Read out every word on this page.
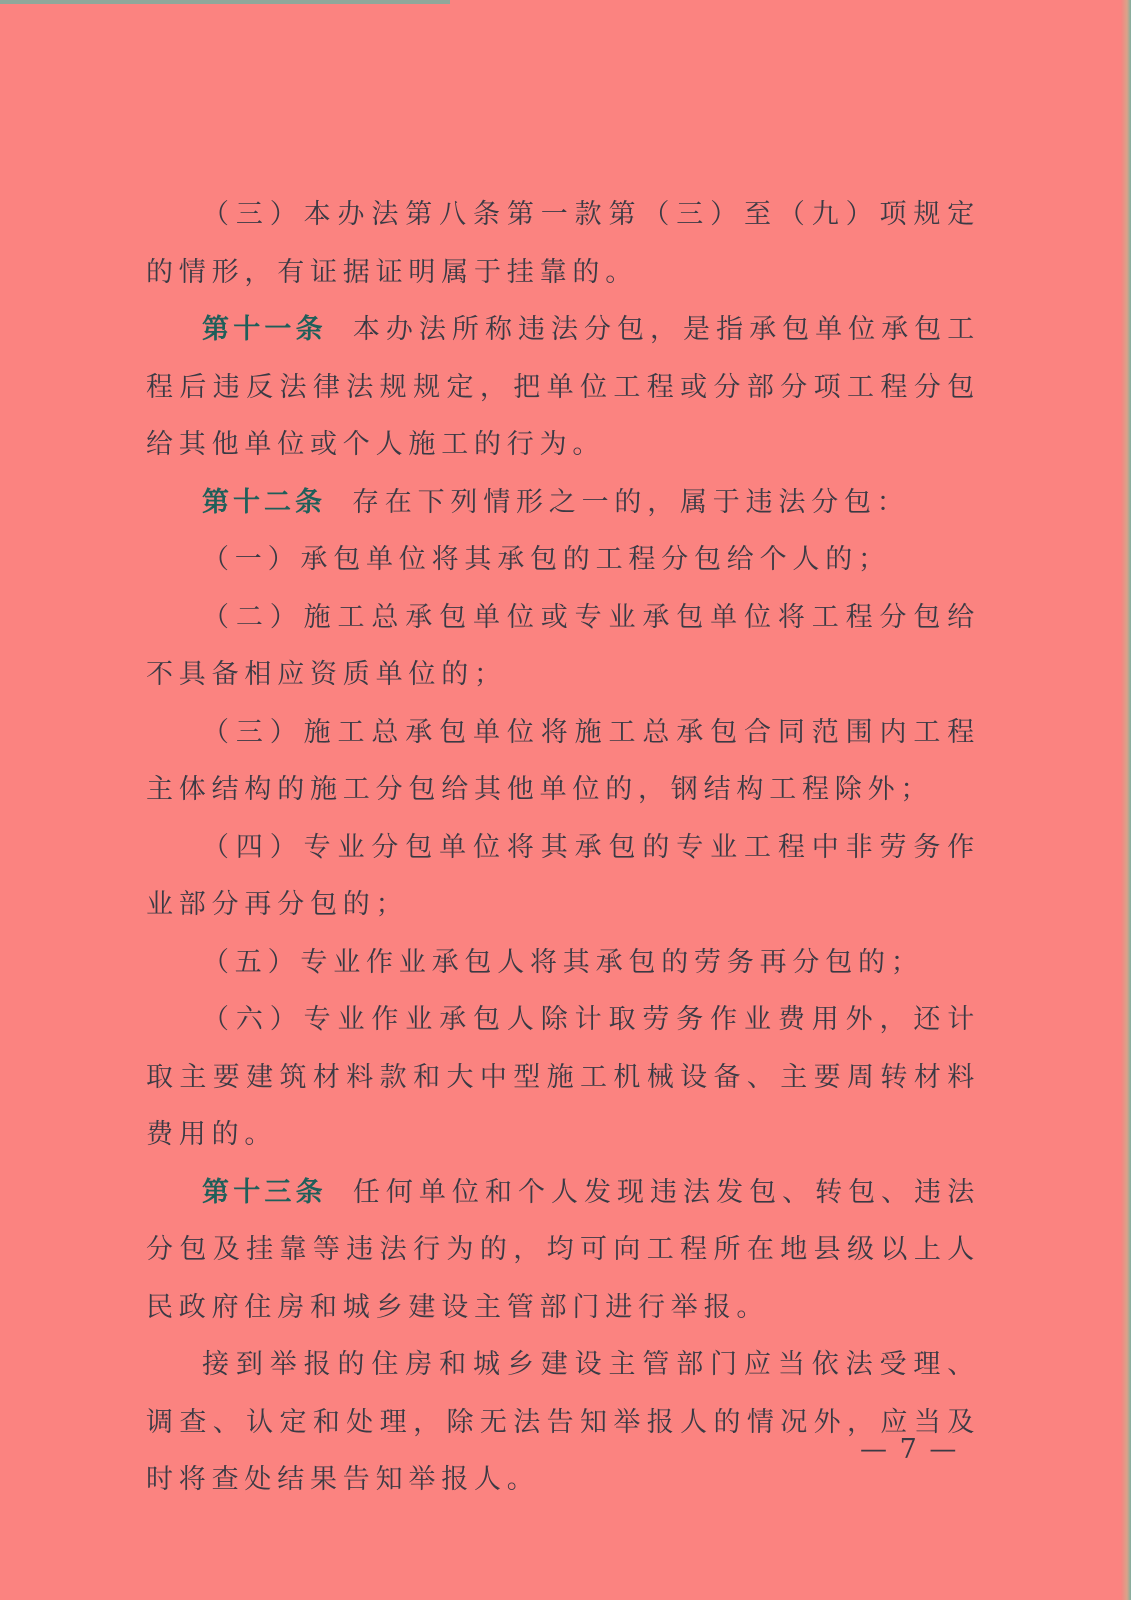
（三）本办法第八条第一款第（三）至（九）项规定的情形，有证据证明属于挂靠的。

第十一条 本办法所称违法分包，是指承包单位承包工程后违反法律法规规定，把单位工程或分部分项工程分包给其他单位或个人施工的行为。

第十二条 存在下列情形之一的，属于违法分包：

（一）承包单位将其承包的工程分包给个人的；

（二）施工总承包单位或专业承包单位将工程分包给不具备相应资质单位的；

（三）施工总承包单位将施工总承包合同范围内工程主体结构的施工分包给其他单位的，钢结构工程除外；

（四）专业分包单位将其承包的专业工程中非劳务作业部分再分包的；

（五）专业作业承包人将其承包的劳务再分包的；

（六）专业作业承包人除计取劳务作业费用外，还计取主要建筑材料款和大中型施工机械设备、主要周转材料费用的。

第十三条 任何单位和个人发现违法发包、转包、违法分包及挂靠等违法行为的，均可向工程所在地县级以上人民政府住房和城乡建设主管部门进行举报。

接到举报的住房和城乡建设主管部门应当依法受理、调查、认定和处理，除无法告知举报人的情况外，应当及时将查处结果告知举报人。

— 7 —
